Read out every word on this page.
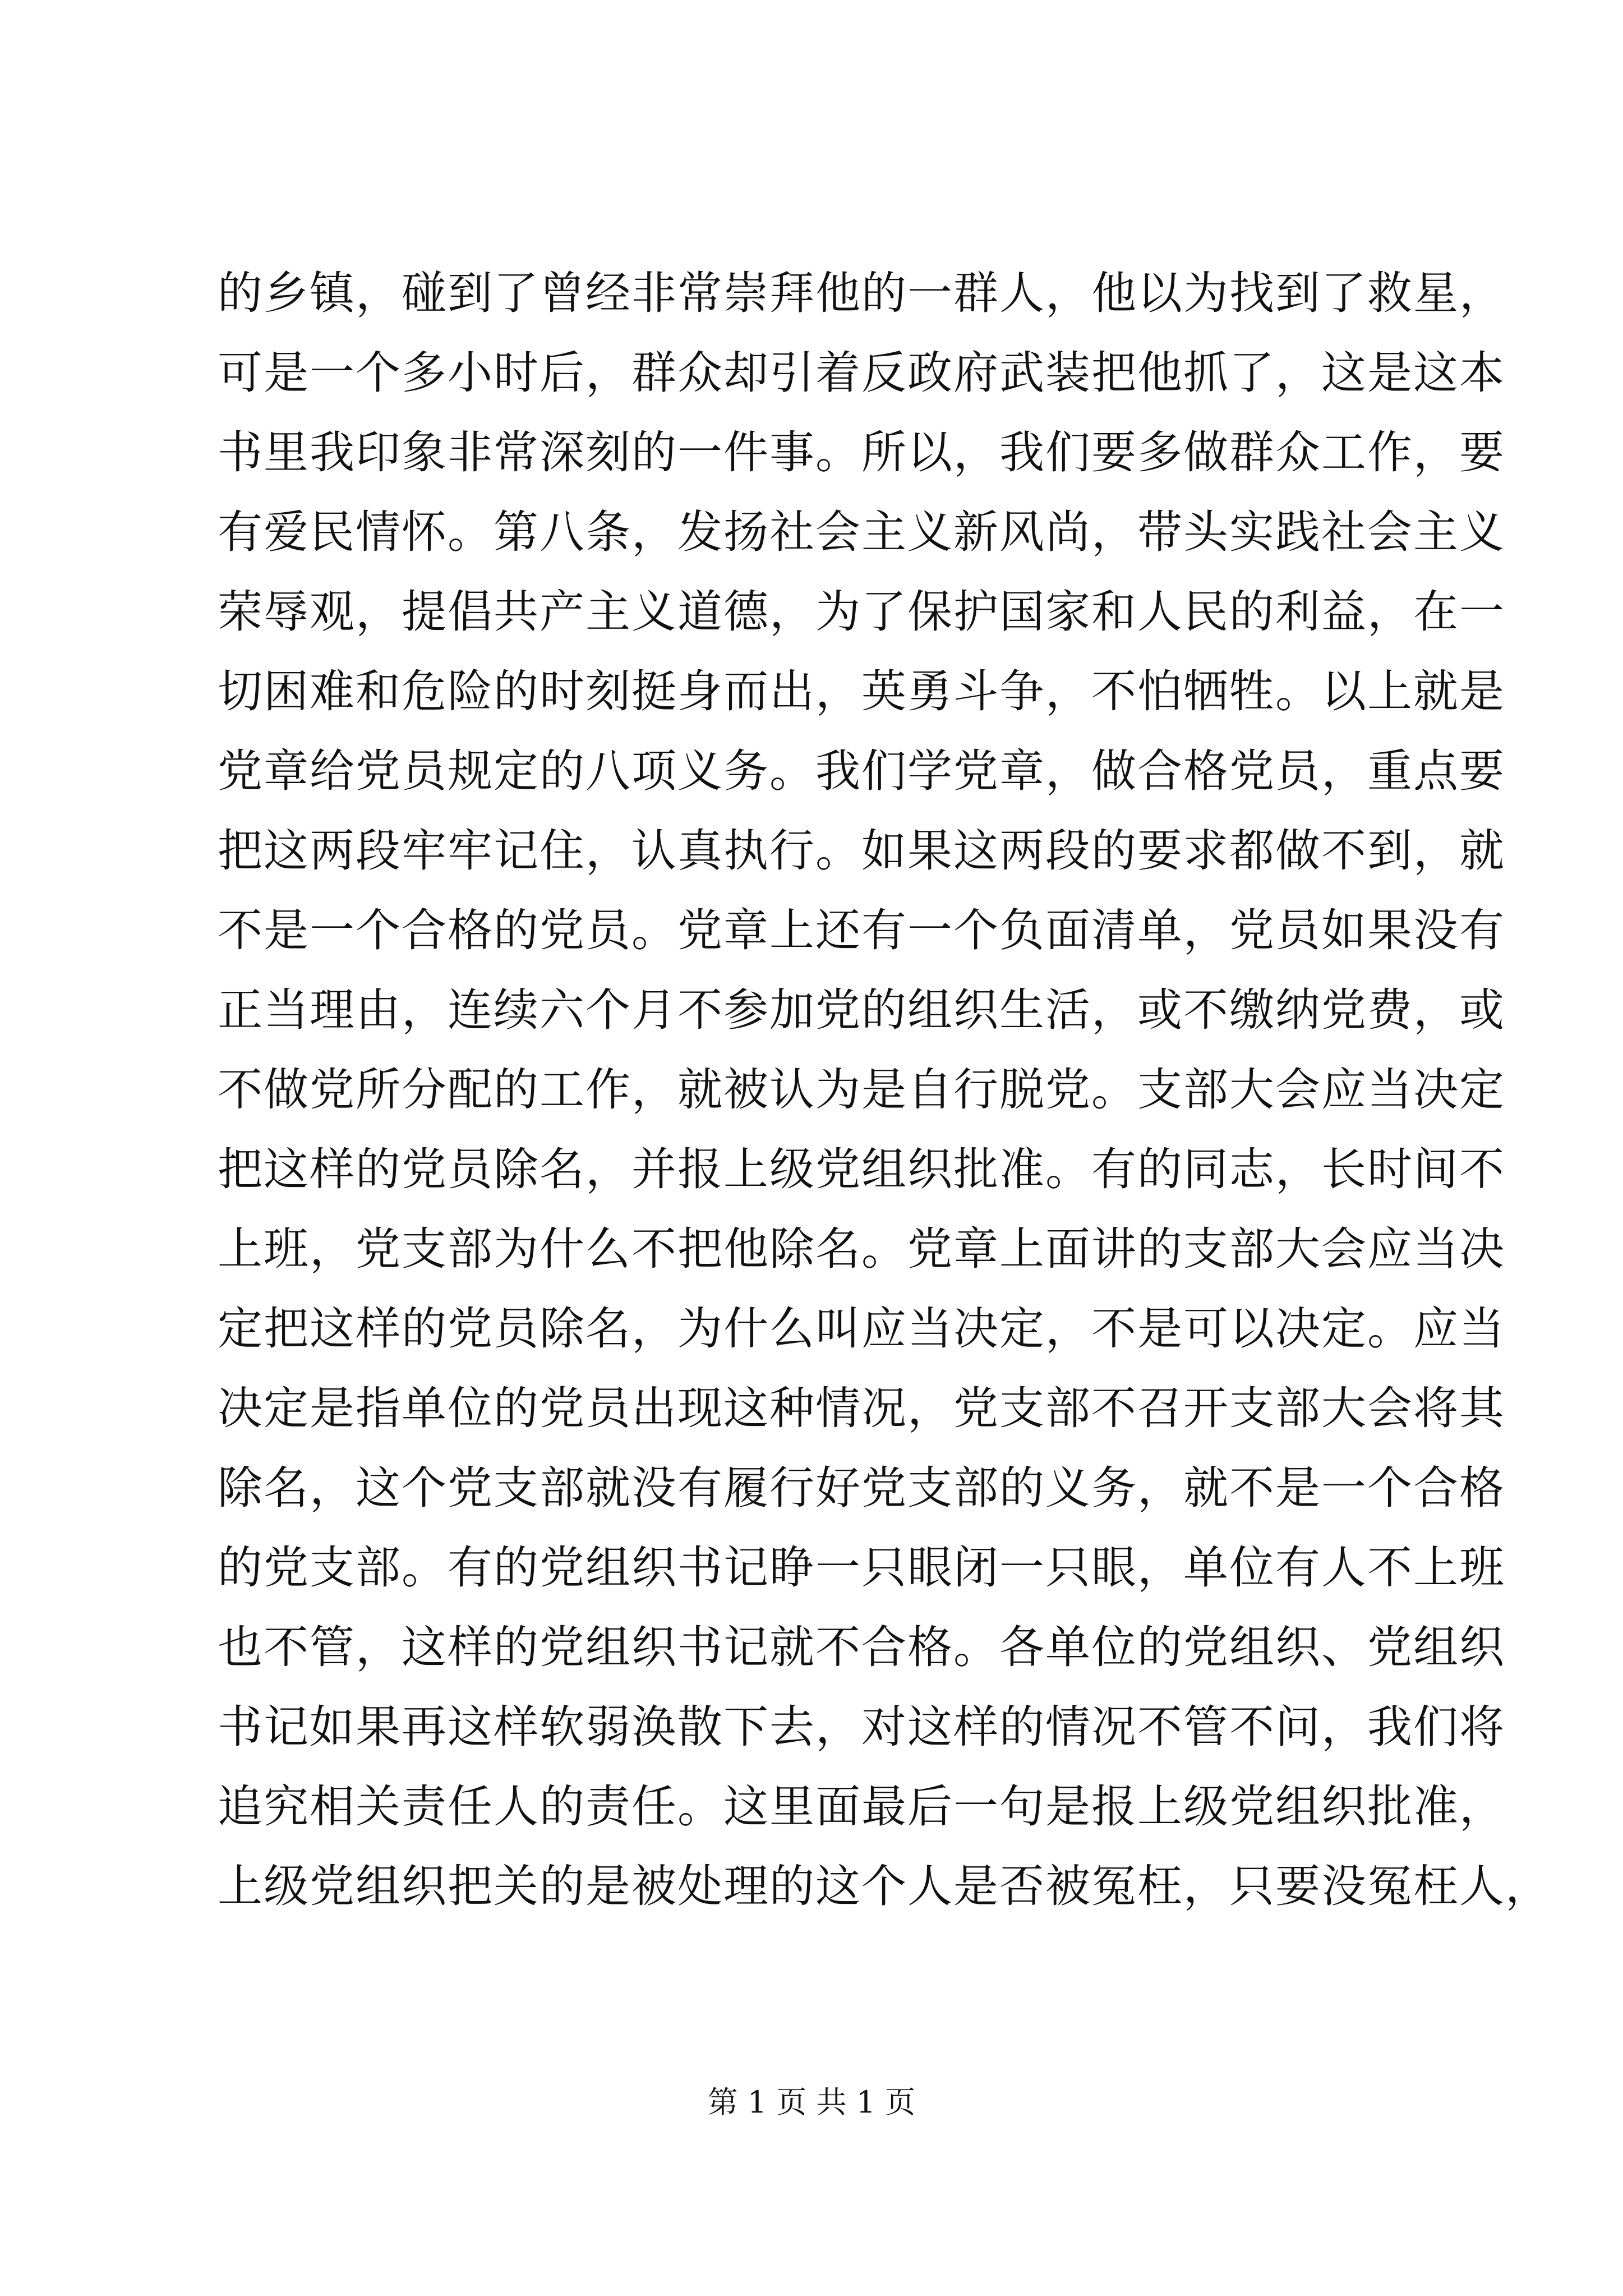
的乡镇，碰到了曾经非常崇拜他的一群人，他以为找到了救星，
可是一个多小时后，群众却引着反政府武装把他抓了，这是这本
书里我印象非常深刻的一件事。所以，我们要多做群众工作，要
有爱民情怀。第八条，发扬社会主义新风尚，带头实践社会主义
荣辱观，提倡共产主义道德，为了保护国家和人民的利益，在一
切困难和危险的时刻挺身而出，英勇斗争，不怕牺牲。以上就是
党章给党员规定的八项义务。我们学党章，做合格党员，重点要
把这两段牢牢记住，认真执行。如果这两段的要求都做不到，就
不是一个合格的党员。党章上还有一个负面清单，党员如果没有
正当理由，连续六个月不参加党的组织生活，或不缴纳党费，或
不做党所分配的工作，就被认为是自行脱党。支部大会应当决定
把这样的党员除名，并报上级党组织批准。有的同志，长时间不
上班，党支部为什么不把他除名。党章上面讲的支部大会应当决
定把这样的党员除名，为什么叫应当决定，不是可以决定。应当
决定是指单位的党员出现这种情况，党支部不召开支部大会将其
除名，这个党支部就没有履行好党支部的义务，就不是一个合格
的党支部。有的党组织书记睁一只眼闭一只眼，单位有人不上班
也不管，这样的党组织书记就不合格。各单位的党组织、党组织
书记如果再这样软弱涣散下去，对这样的情况不管不问，我们将
追究相关责任人的责任。这里面最后一句是报上级党组织批准，
上级党组织把关的是被处理的这个人是否被冤枉，只要没冤枉人，
第 1 页 共 1 页
